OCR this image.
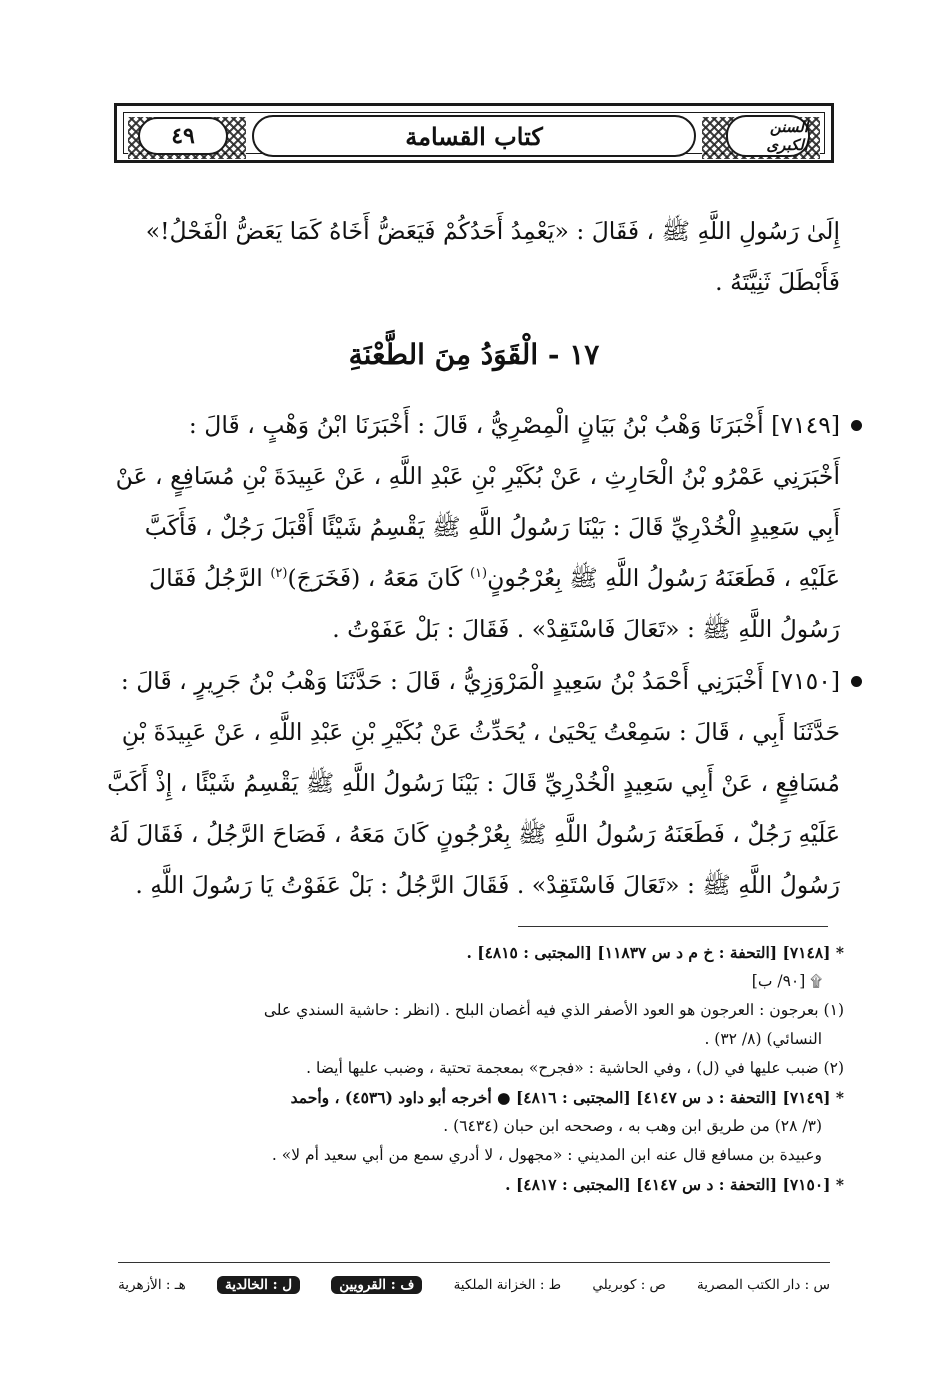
٤٩	كتاب القسامة	السنن الكبرى
إِلَىٰ رَسُولِ اللَّهِ ﷺ ، فَقَالَ : «يَعْمِدُ أَحَدُكُمْ فَيَعَضُّ أَخَاهُ كَمَا يَعَضُّ الْفَحْلُ!»
فَأَبْطَلَ ثَنِيَّتَهُ .
١٧ - الْقَوَدُ مِنَ الطَّعْنَةِ
[٧١٤٩] أَخْبَرَنَا وَهْبُ بْنُ بَيَانٍ الْمِصْرِيُّ ، قَالَ : أَخْبَرَنَا ابْنُ وَهْبٍ ، قَالَ :
أَخْبَرَنِي عَمْرُو بْنُ الْحَارِثِ ، عَنْ بُكَيْرِ بْنِ عَبْدِ اللَّهِ ، عَنْ عَبِيدَةَ بْنِ مُسَافِعٍ ، عَنْ
أَبِي سَعِيدٍ الْخُدْرِيِّ قَالَ : بَيْنَا رَسُولُ اللَّهِ ﷺ يَقْسِمُ شَيْئًا أَقْبَلَ رَجُلٌ ، فَأَكَبَّ
عَلَيْهِ ، فَطَعَنَهُ رَسُولُ اللَّهِ ﷺ بِعُرْجُونٍ$^{(١)}$ كَانَ مَعَهُ ، (فَخَرَجَ)$^{(٢)}$ الرَّجُلُ فَقَالَ
رَسُولُ اللَّهِ ﷺ : «تَعَالَ فَاسْتَقِدْ» . فَقَالَ : بَلْ عَفَوْتُ .
[٧١٥٠] أَخْبَرَنِي أَحْمَدُ بْنُ سَعِيدٍ الْمَرْوَزِيُّ ، قَالَ : حَدَّثَنَا وَهْبُ بْنُ جَرِيرٍ ، قَالَ :
حَدَّثَنَا أَبِي ، قَالَ : سَمِعْتُ يَحْيَىٰ ، يُحَدِّثُ عَنْ بُكَيْرِ بْنِ عَبْدِ اللَّهِ ، عَنْ عَبِيدَةَ بْنِ
مُسَافِعٍ ، عَنْ أَبِي سَعِيدٍ الْخُدْرِيِّ قَالَ : بَيْنَا رَسُولُ اللَّهِ ﷺ يَقْسِمُ شَيْئًا ، إِذْ أَكَبَّ
عَلَيْهِ رَجُلٌ ، فَطَعَنَهُ رَسُولُ اللَّهِ ﷺ بِعُرْجُونٍ كَانَ مَعَهُ ، فَصَاحَ الرَّجُلُ ، فَقَالَ لَهُ
رَسُولُ اللَّهِ ﷺ : «تَعَالَ فَاسْتَقِدْ» . فَقَالَ الرَّجُلُ : بَلْ عَفَوْتُ يَا رَسُولَ اللَّهِ .
* [٧١٤٨] [التحفة : خ م د س ١١٨٣٧] [المجتبى : ٤٨١٥] .
۩ [٩٠/ ب]
(١) بعرجون : العرجون هو العود الأصفر الذي فيه أغصان البلح . (انظر : حاشية السندي على
النسائي) (٨/ ٣٢) .
(٢) ضبب عليها في (ل) ، وفي الحاشية : «فجرح» بمعجمة تحتية ، وضبب عليها أيضا .
* [٧١٤٩] [التحفة : د س ٤١٤٧] [المجتبى : ٤٨١٦] ● أخرجه أبو داود (٤٥٣٦) ، وأحمد
(٣/ ٢٨) من طريق ابن وهب به ، وصححه ابن حبان (٦٤٣٤) .
وعبيدة بن مسافع قال عنه ابن المديني : «مجهول ، لا أدري سمع من أبي سعيد أم لا» .
* [٧١٥٠] [التحفة : د س ٤١٤٧] [المجتبى : ٤٨١٧] .
س : دار الكتب المصرية
ص : كوبريلي
ط : الخزانة الملكية
ف : القرويين
ل : الخالدية
هـ : الأزهرية
